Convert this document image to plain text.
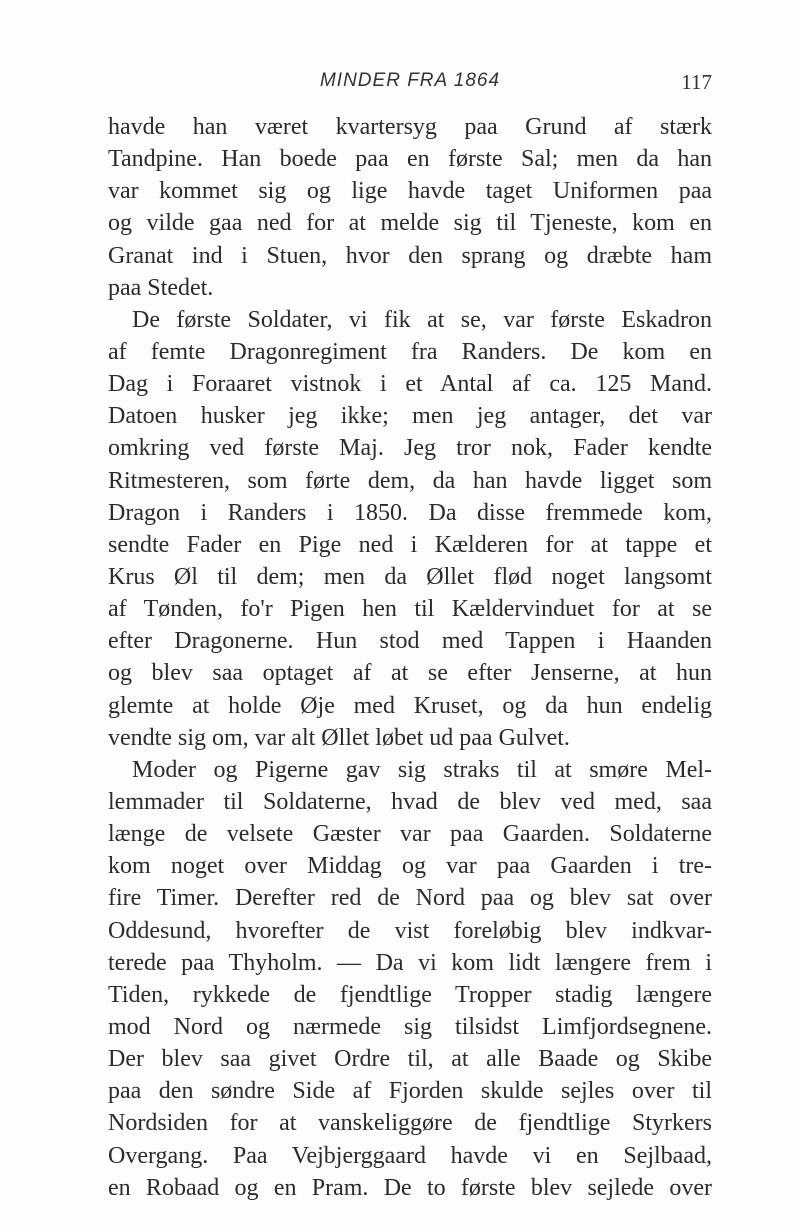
MINDER FRA 1864	117
havde han været kvartersyg paa Grund af stærk
Tandpine. Han boede paa en første Sal; men da han
var kommet sig og lige havde taget Uniformen paa
og vilde gaa ned for at melde sig til Tjeneste, kom en
Granat ind i Stuen, hvor den sprang og dræbte ham
paa Stedet.
De første Soldater, vi fik at se, var første Eskadron
af femte Dragonregiment fra Randers. De kom en
Dag i Foraaret vistnok i et Antal af ca. 125 Mand.
Datoen husker jeg ikke; men jeg antager, det var
omkring ved første Maj. Jeg tror nok, Fader kendte
Ritmesteren, som førte dem, da han havde ligget som
Dragon i Randers i 1850. Da disse fremmede kom,
sendte Fader en Pige ned i Kælderen for at tappe et
Krus Øl til dem; men da Øllet flød noget langsomt
af Tønden, fo'r Pigen hen til Kældervinduet for at se
efter Dragonerne. Hun stod med Tappen i Haanden
og blev saa optaget af at se efter Jenserne, at hun
glemte at holde Øje med Kruset, og da hun endelig
vendte sig om, var alt Øllet løbet ud paa Gulvet.
Moder og Pigerne gav sig straks til at smøre Mel-
lemmader til Soldaterne, hvad de blev ved med, saa
længe de velsete Gæster var paa Gaarden. Soldaterne
kom noget over Middag og var paa Gaarden i tre-
fire Timer. Derefter red de Nord paa og blev sat over
Oddesund, hvorefter de vist foreløbig blev indkvar-
terede paa Thyholm. — Da vi kom lidt længere frem i
Tiden, rykkede de fjendtlige Tropper stadig længere
mod Nord og nærmede sig tilsidst Limfjordsegnene.
Der blev saa givet Ordre til, at alle Baade og Skibe
paa den søndre Side af Fjorden skulde sejles over til
Nordsiden for at vanskeliggøre de fjendtlige Styrkers
Overgang. Paa Vejbjerggaard havde vi en Sejlbaad,
en Robaad og en Pram. De to første blev sejlede over
